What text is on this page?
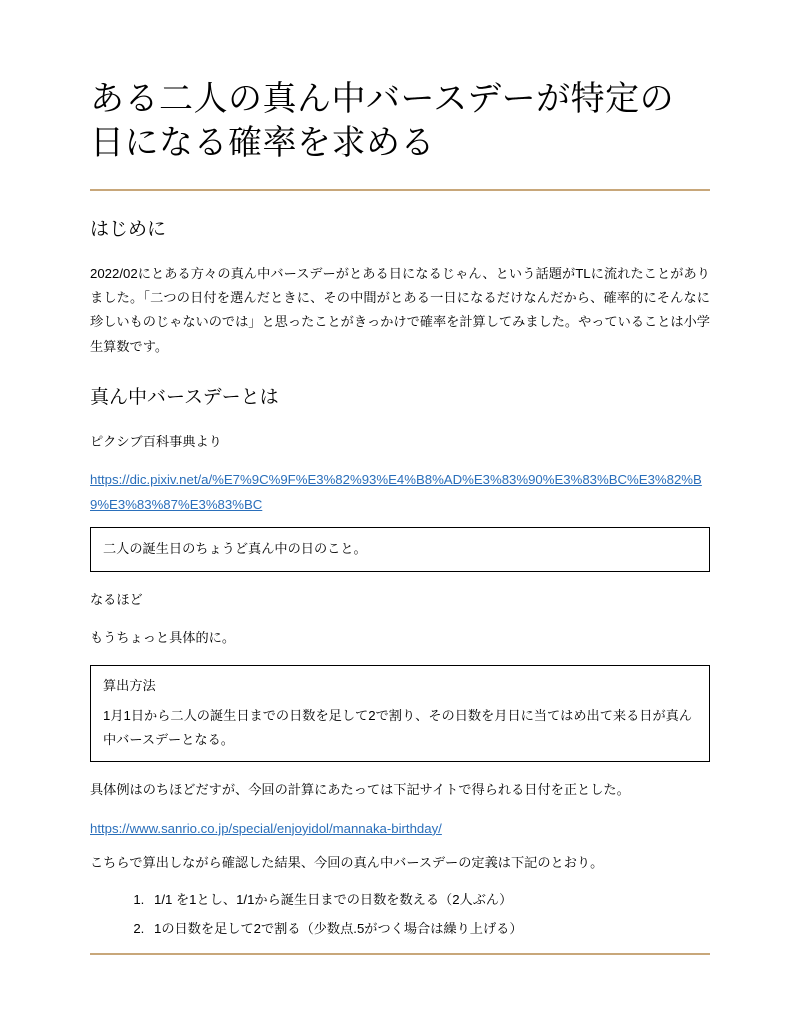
ある二人の真ん中バースデーが特定の日になる確率を求める
はじめに

2022/02にとある方々の真ん中バースデーがとある日になるじゃん、という話題がTLに流れたことがありました。「二つの日付を選んだときに、その中間がとある一日になるだけなんだから、確率的にそんなに珍しいものじゃないのでは」と思ったことがきっかけで確率を計算してみました。やっていることは小学生算数です。

真ん中バースデーとは

ピクシブ百科事典より

https://dic.pixiv.net/a/%E7%9C%9F%E3%82%93%E4%B8%AD%E3%83%90%E3%83%BC%E3%82%B9%E3%83%87%E3%83%BC

二人の誕生日のちょうど真ん中の日のこと。

なるほど

もうちょっと具体的に。

算出方法

1月1日から二人の誕生日までの日数を足して2で割り、その日数を月日に当てはめ出て来る日が真ん中バースデーとなる。

具体例はのちほどだすが、今回の計算にあたっては下記サイトで得られる日付を正とした。

https://www.sanrio.co.jp/special/enjoyidol/mannaka-birthday/

こちらで算出しながら確認した結果、今回の真ん中バースデーの定義は下記のとおり。

1. 1/1 を1とし、1/1から誕生日までの日数を数える（2人ぶん）
2. 1の日数を足して2で割る（少数点.5がつく場合は繰り上げる）
